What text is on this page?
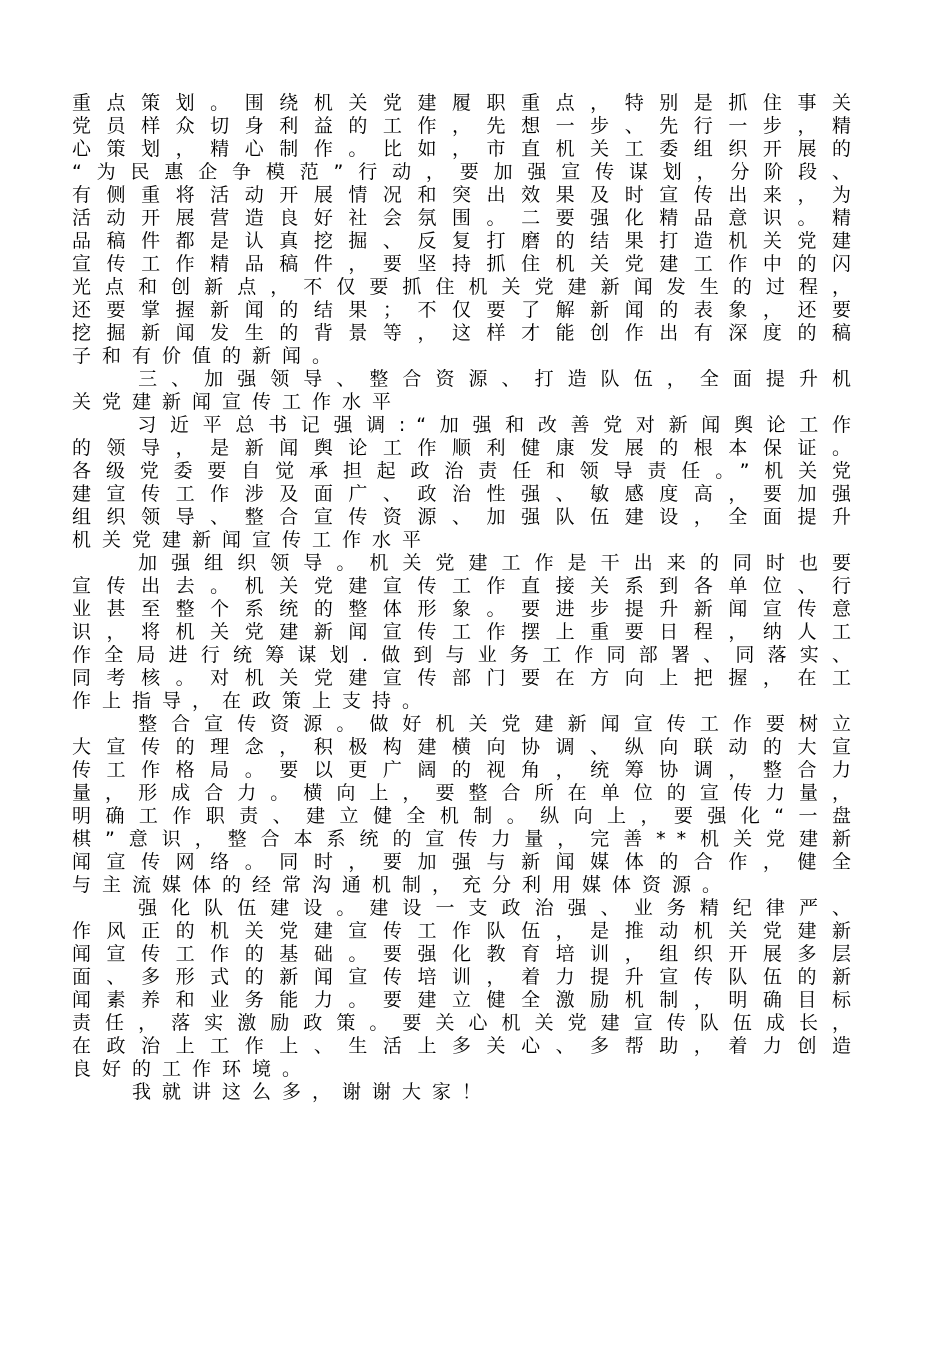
重点策划。围绕机关党建履职重点，特别是抓住事关
党员样众切身利益的工作，先想一步、先行一步，精
心策划，精心制作。比如，市直机关工委组织开展的
“为民惠企争模范”行动，要加强宣传谋划，分阶段、
有侧重将活动开展情况和突出效果及时宣传出来，为
活动开展营造良好社会氛围。二要强化精品意识。精
品稿件都是认真挖掘、反复打磨的结果打造机关党建
宣传工作精品稿件，要坚持抓住机关党建工作中的闪
光点和创新点，不仅要抓住机关党建新闻发生的过程，
还要掌握新闻的结果；不仅要了解新闻的表象，还要
挖掘新闻发生的背景等，这样才能创作出有深度的稿
子和有价值的新闻。
　　三、加强领导、整合资源、打造队伍，全面提升机
关党建新闻宣传工作水平
　　习近平总书记强调:“加强和改善党对新闻舆论工作
的领导，是新闻舆论工作顺利健康发展的根本保证。
各级党委要自觉承担起政治责任和领导责任。”机关党
建宣传工作涉及面广、政治性强、敏感度高，要加强
组织领导、整合宣传资源、加强队伍建设，全面提升
机关党建新闻宣传工作水平
　　加强组织领导。机关党建工作是干出来的同时也要
宣传出去。机关党建宣传工作直接关系到各单位、行
业甚至整个系统的整体形象。要进步提升新闻宣传意
识，将机关党建新闻宣传工作摆上重要日程，纳人工
作全局进行统筹谋划.做到与业务工作同部署、同落实、
同考核。对机关党建宣传部门要在方向上把握，在工
作上指导，在政策上支持。
　　整合宣传资源。做好机关党建新闻宣传工作要树立
大宣传的理念，积极构建横向协调、纵向联动的大宣
传工作格局。要以更广阔的视角，统筹协调，整合力
量，形成合力。横向上，要整合所在单位的宣传力量，
明确工作职责、建立健全机制。纵向上，要强化“一盘
棋”意识，整合本系统的宣传力量，完善**机关党建新
闻宣传网络。同时，要加强与新闻媒体的合作，健全
与主流媒体的经常沟通机制，充分利用媒体资源。
　　强化队伍建设。建设一支政治强、业务精纪律严、
作风正的机关党建宣传工作队伍，是推动机关党建新
闻宣传工作的基础。要强化教育培训，组织开展多层
面、多形式的新闻宣传培训，着力提升宣传队伍的新
闻素养和业务能力。要建立健全激励机制，明确目标
责任，落实激励政策。要关心机关党建宣传队伍成长，
在政治上工作上、生活上多关心、多帮助，着力创造
良好的工作环境。
　　我就讲这么多，谢谢大家！
